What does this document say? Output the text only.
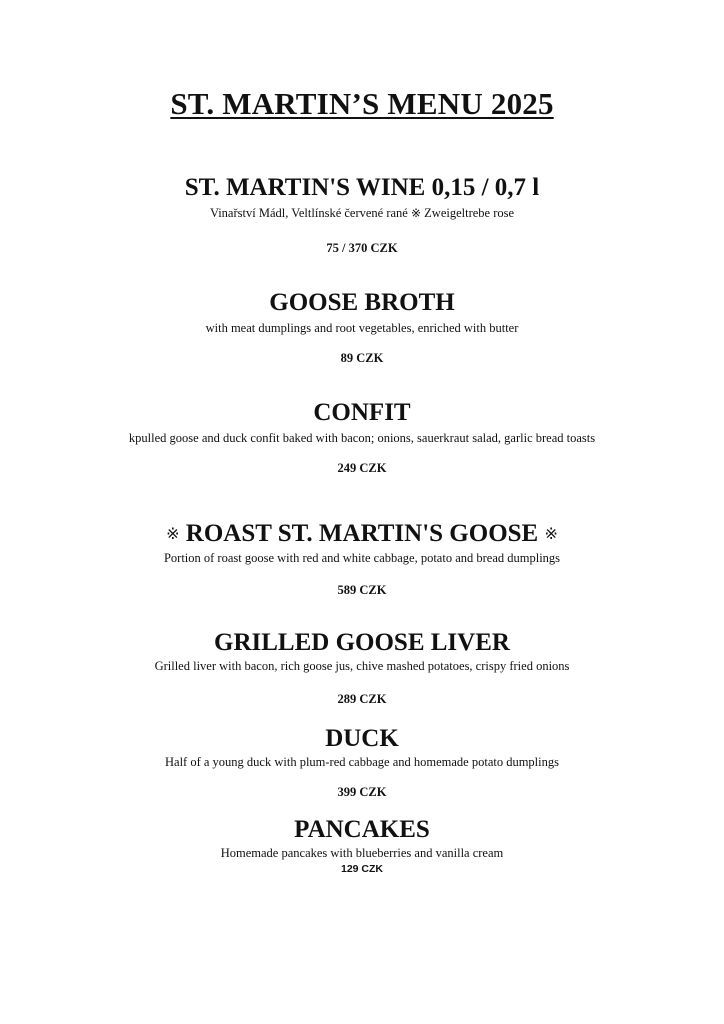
ST. MARTIN’S MENU 2025
ST. MARTIN'S WINE 0,15 / 0,7 l
Vinařství Mádl, Veltlínské červené rané ※ Zweigeltrebe rose
75 / 370 CZK
GOOSE BROTH
with meat dumplings and root vegetables, enriched with butter
89 CZK
CONFIT
kpulled goose and duck confit baked with bacon; onions, sauerkraut salad, garlic bread toasts
249 CZK
※ ROAST ST. MARTIN'S GOOSE ※
Portion of roast goose with red and white cabbage, potato and bread dumplings
589 CZK
GRILLED GOOSE LIVER
Grilled liver with bacon, rich goose jus, chive mashed potatoes, crispy fried onions
289 CZK
DUCK
Half of a young duck with plum-red cabbage and homemade potato dumplings
399 CZK
PANCAKES
Homemade pancakes with blueberries and vanilla cream
129 CZK
